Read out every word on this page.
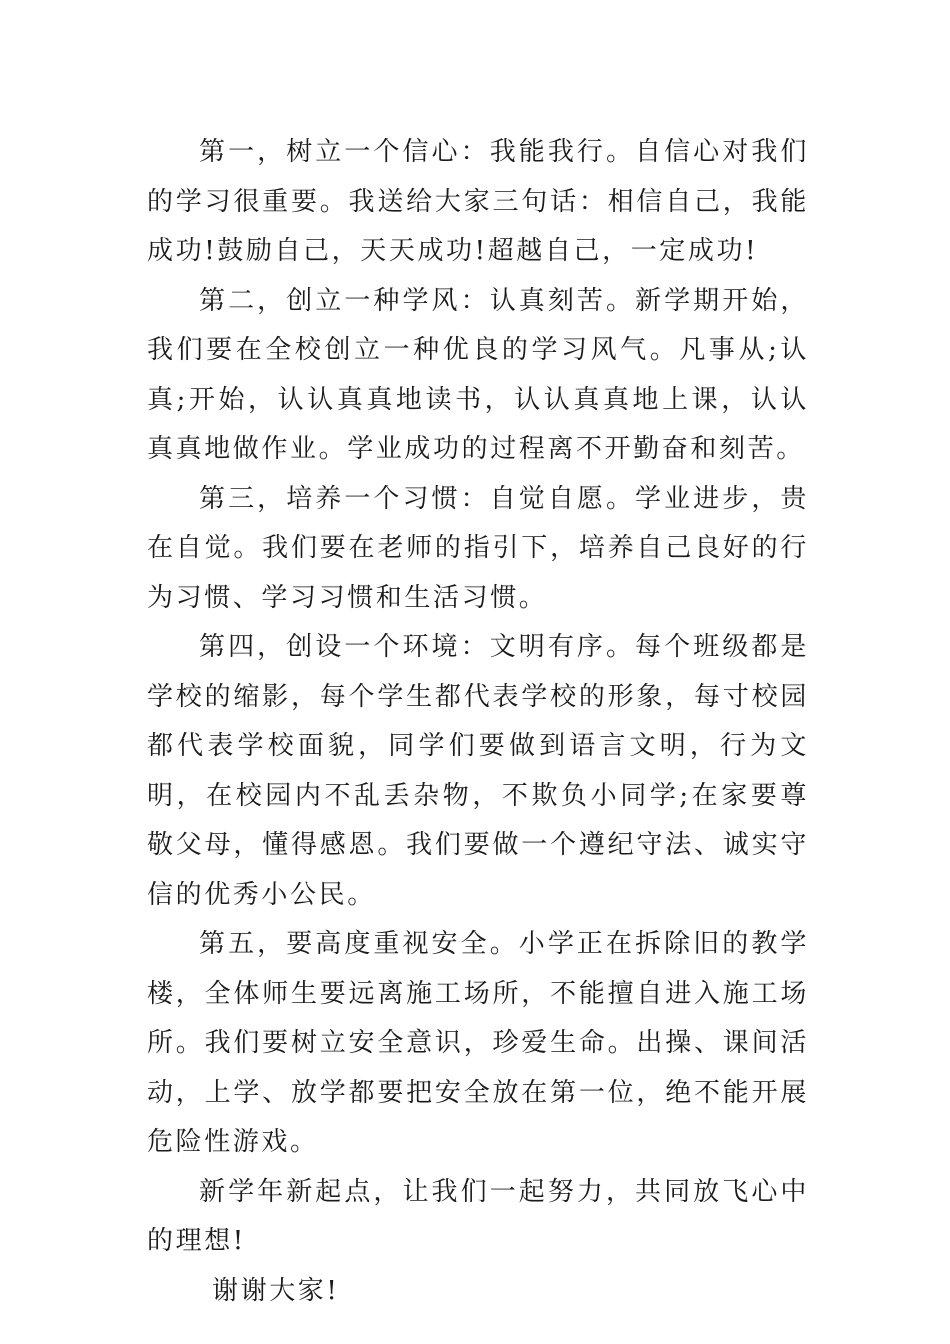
第一，树立一个信心：我能我行。自信心对我们的学习很重要。我送给大家三句话：相信自己，我能成功!鼓励自己，天天成功!超越自己，一定成功!

第二，创立一种学风：认真刻苦。新学期开始，我们要在全校创立一种优良的学习风气。凡事从;认真;开始，认认真真地读书，认认真真地上课，认认真真地做作业。学业成功的过程离不开勤奋和刻苦。

第三，培养一个习惯：自觉自愿。学业进步，贵在自觉。我们要在老师的指引下，培养自己良好的行为习惯、学习习惯和生活习惯。

第四，创设一个环境：文明有序。每个班级都是学校的缩影，每个学生都代表学校的形象，每寸校园都代表学校面貌，同学们要做到语言文明，行为文明，在校园内不乱丢杂物，不欺负小同学;在家要尊敬父母，懂得感恩。我们要做一个遵纪守法、诚实守信的优秀小公民。

第五，要高度重视安全。小学正在拆除旧的教学楼，全体师生要远离施工场所，不能擅自进入施工场所。我们要树立安全意识，珍爱生命。出操、课间活动，上学、放学都要把安全放在第一位，绝不能开展危险性游戏。

新学年新起点，让我们一起努力，共同放飞心中的理想!

谢谢大家!
